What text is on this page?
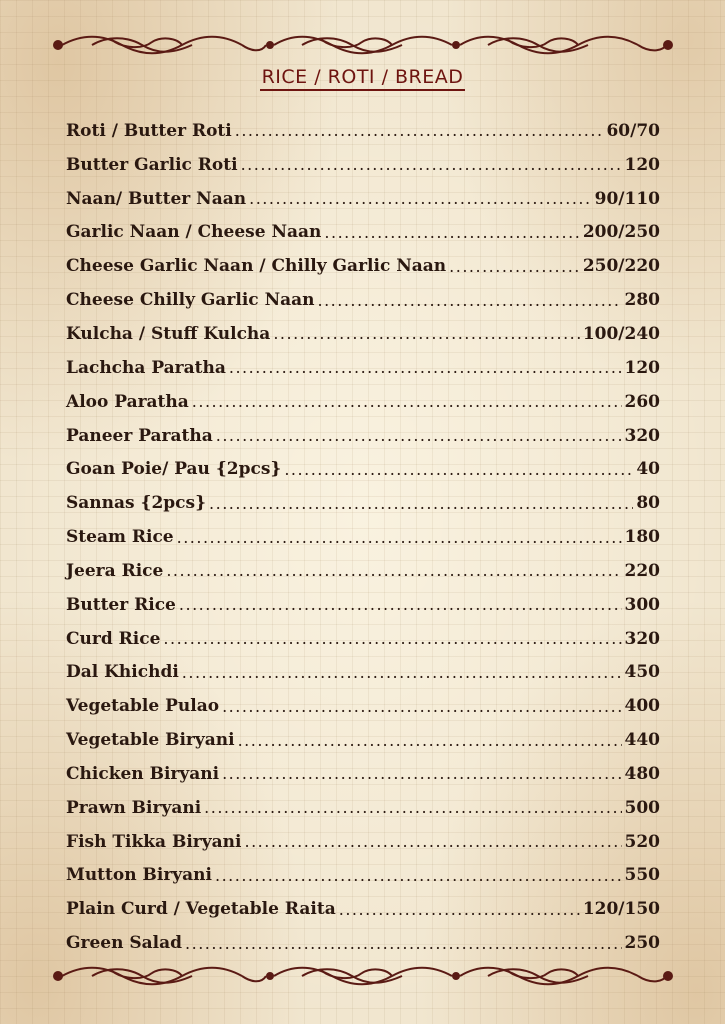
RICE / ROTI / BREAD
Roti / Butter Roti .....	60/70
Butter Garlic Roti .....	120
Naan/ Butter Naan .....	90/110
Garlic Naan / Cheese Naan .....	200/250
Cheese Garlic Naan / Chilly Garlic Naan .....	250/220
Cheese Chilly Garlic Naan .....	280
Kulcha / Stuff Kulcha .....	100/240
Lachcha Paratha .....	120
Aloo Paratha .....	260
Paneer Paratha .....	320
Goan Poie/ Pau {2pcs} .....	40
Sannas {2pcs} .....	80
Steam Rice .....	180
Jeera Rice .....	220
Butter Rice .....	300
Curd Rice .....	320
Dal Khichdi .....	450
Vegetable Pulao .....	400
Vegetable Biryani .....	440
Chicken Biryani .....	480
Prawn Biryani .....	500
Fish Tikka Biryani .....	520
Mutton Biryani .....	550
Plain Curd / Vegetable Raita .....	120/150
Green Salad .....	250
